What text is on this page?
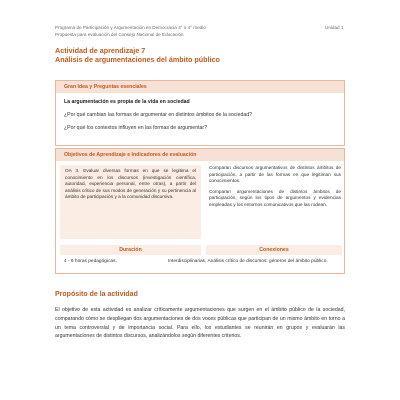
Programa de Participación y Argumentación en Democracia 3° o 4° medio
Propuesta para evaluación del Consejo Nacional de Educación
Unidad 1
Actividad de aprendizaje 7
Análisis de argumentaciones del ámbito público
Gran Idea y Preguntas esenciales
La argumentación es propia de la vida en sociedad
¿Por qué cambian las formas de argumentar en distintos ámbitos de la sociedad?
¿Por qué los contextos influyen en las formas de argumentar?
Objetivos de Aprendizaje e Indicadores de evaluación
OA 3. Evaluar diversas formas en que se legitima el conocimiento en los discursos (investigación científica, autoridad, experiencia personal, entre otras), a partir del análisis crítico de sus modos de generación y su pertinencia al ámbito de participación y a la comunidad discursiva.

Comparan discursos argumentativos de distintos ámbitos de participación, a partir de las formas en que legitiman sus conocimientos.

Comparan argumentaciones de distintos ámbitos de participación, según los tipos de argumentos y evidencias empleadas y los entornos comunicativos que las rodean.

Duración	Conexiones
4 - 6 horas pedagógicas.	Interdisciplinarias, Análisis crítico de discursos: géneros del ámbito público.
Propósito de la actividad
El objetivo de esta actividad es analizar críticamente argumentaciones que surgen en el ámbito público de la sociedad, comparando cómo se despliegan dos argumentaciones de dos voces públicas que participan de un mismo ámbito en torno a un tema controversial y de importancia social. Para ello, los estudiantes se reunirán en grupos y evaluarán las argumentaciones de distintos discursos, analizándolos según diferentes criterios.
